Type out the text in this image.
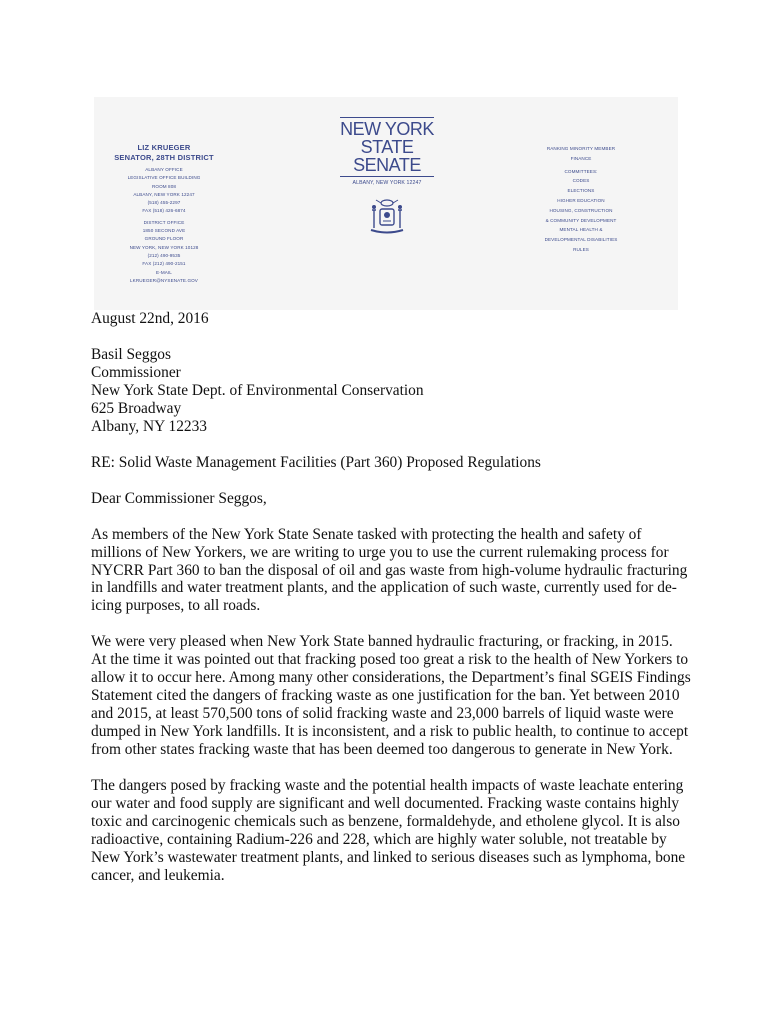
LIZ KRUEGER
SENATOR, 28TH DISTRICT
ALBANY OFFICE
LEGISLATIVE OFFICE BUILDING
ROOM 808
ALBANY, NEW YORK 12247
(518) 455-2297
FAX (518) 426-6874
DISTRICT OFFICE
1850 SECOND AVE
GROUND FLOOR
NEW YORK, NEW YORK 10128
(212) 490-9535
FAX (212) 490-2151
E-MAIL
LKRUEGER@NYSENATE.GOV
NEW YORK
STATE
SENATE
ALBANY, NEW YORK 12247
RANKING MINORITY MEMBER
FINANCE
COMMITTEES:
CODES
ELECTIONS
HIGHER EDUCATION
HOUSING, CONSTRUCTION
& COMMUNITY DEVELOPMENT
MENTAL HEALTH &
DEVELOPMENTAL DISABILITIES
RULES

August 22nd, 2016

Basil Seggos
Commissioner
New York State Dept. of Environmental Conservation
625 Broadway
Albany, NY 12233

RE: Solid Waste Management Facilities (Part 360) Proposed Regulations

Dear Commissioner Seggos,

As members of the New York State Senate tasked with protecting the health and safety of millions of New Yorkers, we are writing to urge you to use the current rulemaking process for NYCRR Part 360 to ban the disposal of oil and gas waste from high-volume hydraulic fracturing in landfills and water treatment plants, and the application of such waste, currently used for de-icing purposes, to all roads.

We were very pleased when New York State banned hydraulic fracturing, or fracking, in 2015. At the time it was pointed out that fracking posed too great a risk to the health of New Yorkers to allow it to occur here. Among many other considerations, the Department’s final SGEIS Findings Statement cited the dangers of fracking waste as one justification for the ban. Yet between 2010 and 2015, at least 570,500 tons of solid fracking waste and 23,000 barrels of liquid waste were dumped in New York landfills. It is inconsistent, and a risk to public health, to continue to accept from other states fracking waste that has been deemed too dangerous to generate in New York.

The dangers posed by fracking waste and the potential health impacts of waste leachate entering our water and food supply are significant and well documented. Fracking waste contains highly toxic and carcinogenic chemicals such as benzene, formaldehyde, and etholene glycol. It is also radioactive, containing Radium-226 and 228, which are highly water soluble, not treatable by New York’s wastewater treatment plants, and linked to serious diseases such as lymphoma, bone cancer, and leukemia.
